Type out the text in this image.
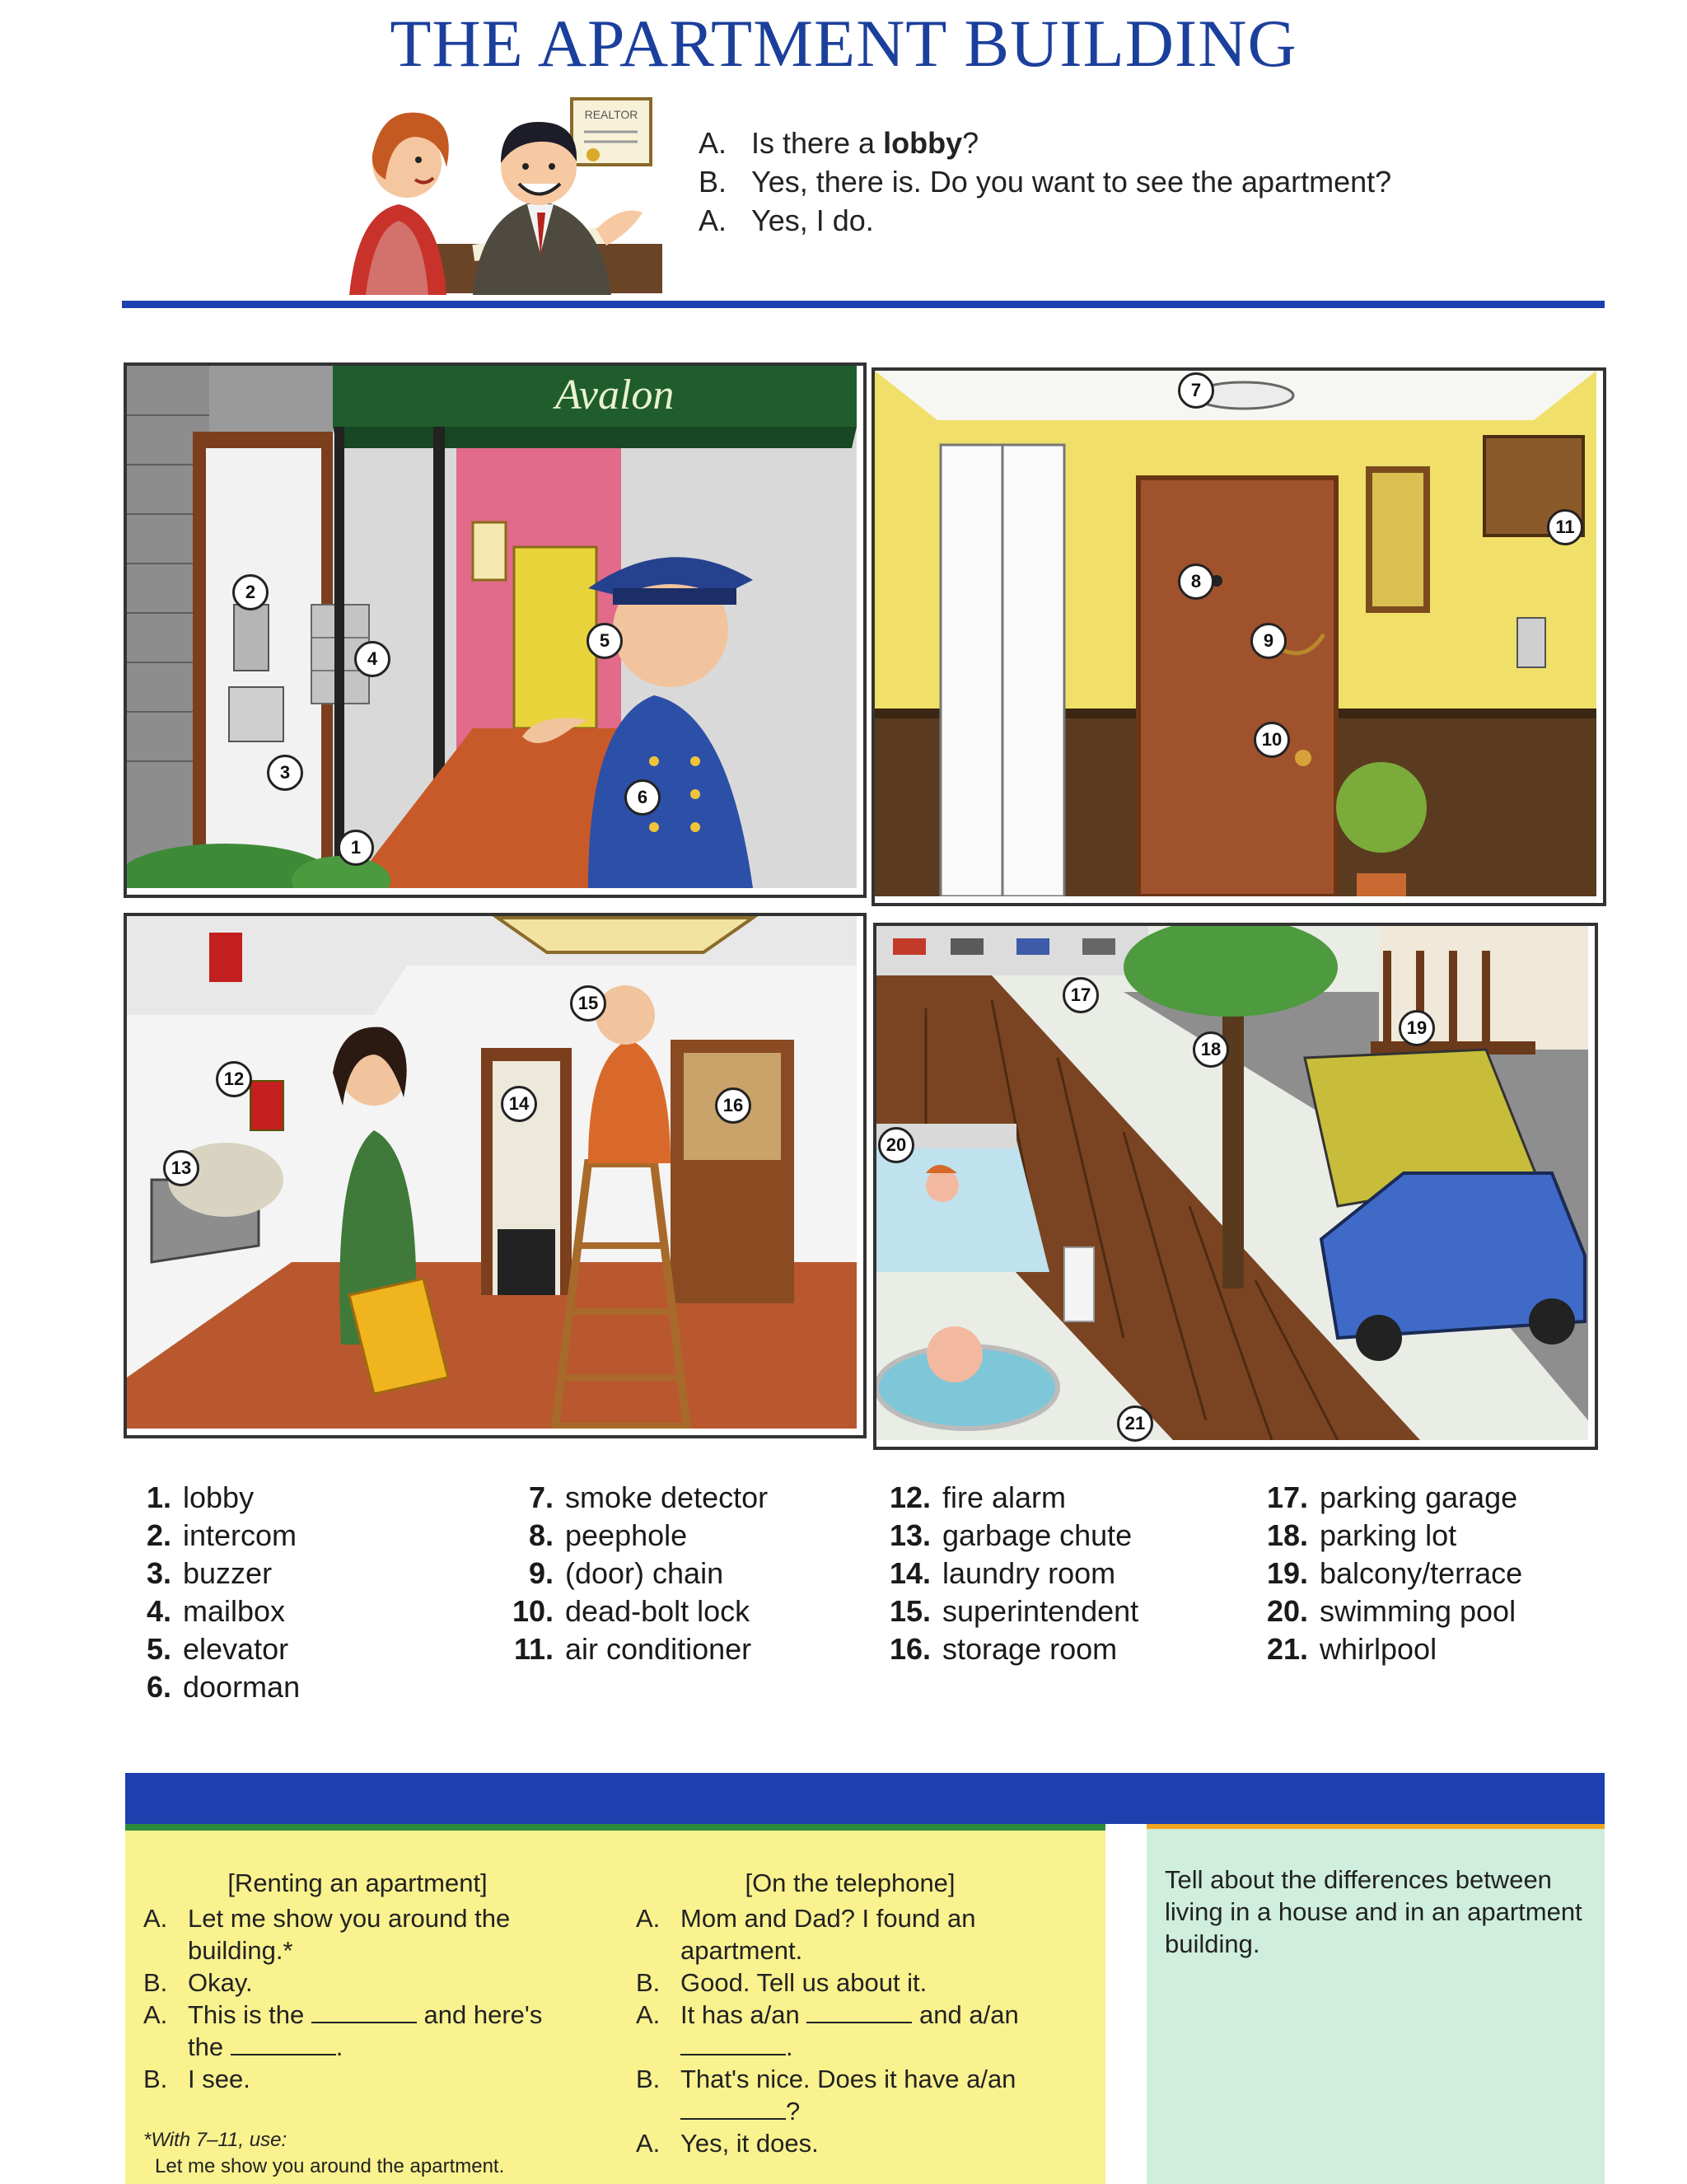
THE APARTMENT BUILDING
REALTOR
A. Is there a lobby?
B. Yes, there is. Do you want to see the apartment?
A. Yes, I do.
Avalon
1
2
3
4
5
6
7
8
9
10
11
12
13
14
15
16
17
18
19
20
21
1. lobby
2. intercom
3. buzzer
4. mailbox
5. elevator
6. doorman
7. smoke detector
8. peephole
9. (door) chain
10. dead-bolt lock
11. air conditioner
12. fire alarm
13. garbage chute
14. laundry room
15. superintendent
16. storage room
17. parking garage
18. parking lot
19. balcony/terrace
20. swimming pool
21. whirlpool
[Renting an apartment]
A. Let me show you around the building.*
B. Okay.
A. This is the	and here's the	.
B. I see.
[On the telephone]
A. Mom and Dad? I found an apartment.
B. Good. Tell us about it.
A. It has a/an	and a/an .
B. That's nice. Does it have a/an ?
A. Yes, it does.
*With 7–11, use:
Let me show you around the apartment.
Tell about the differences between living in a house and in an apartment building.
